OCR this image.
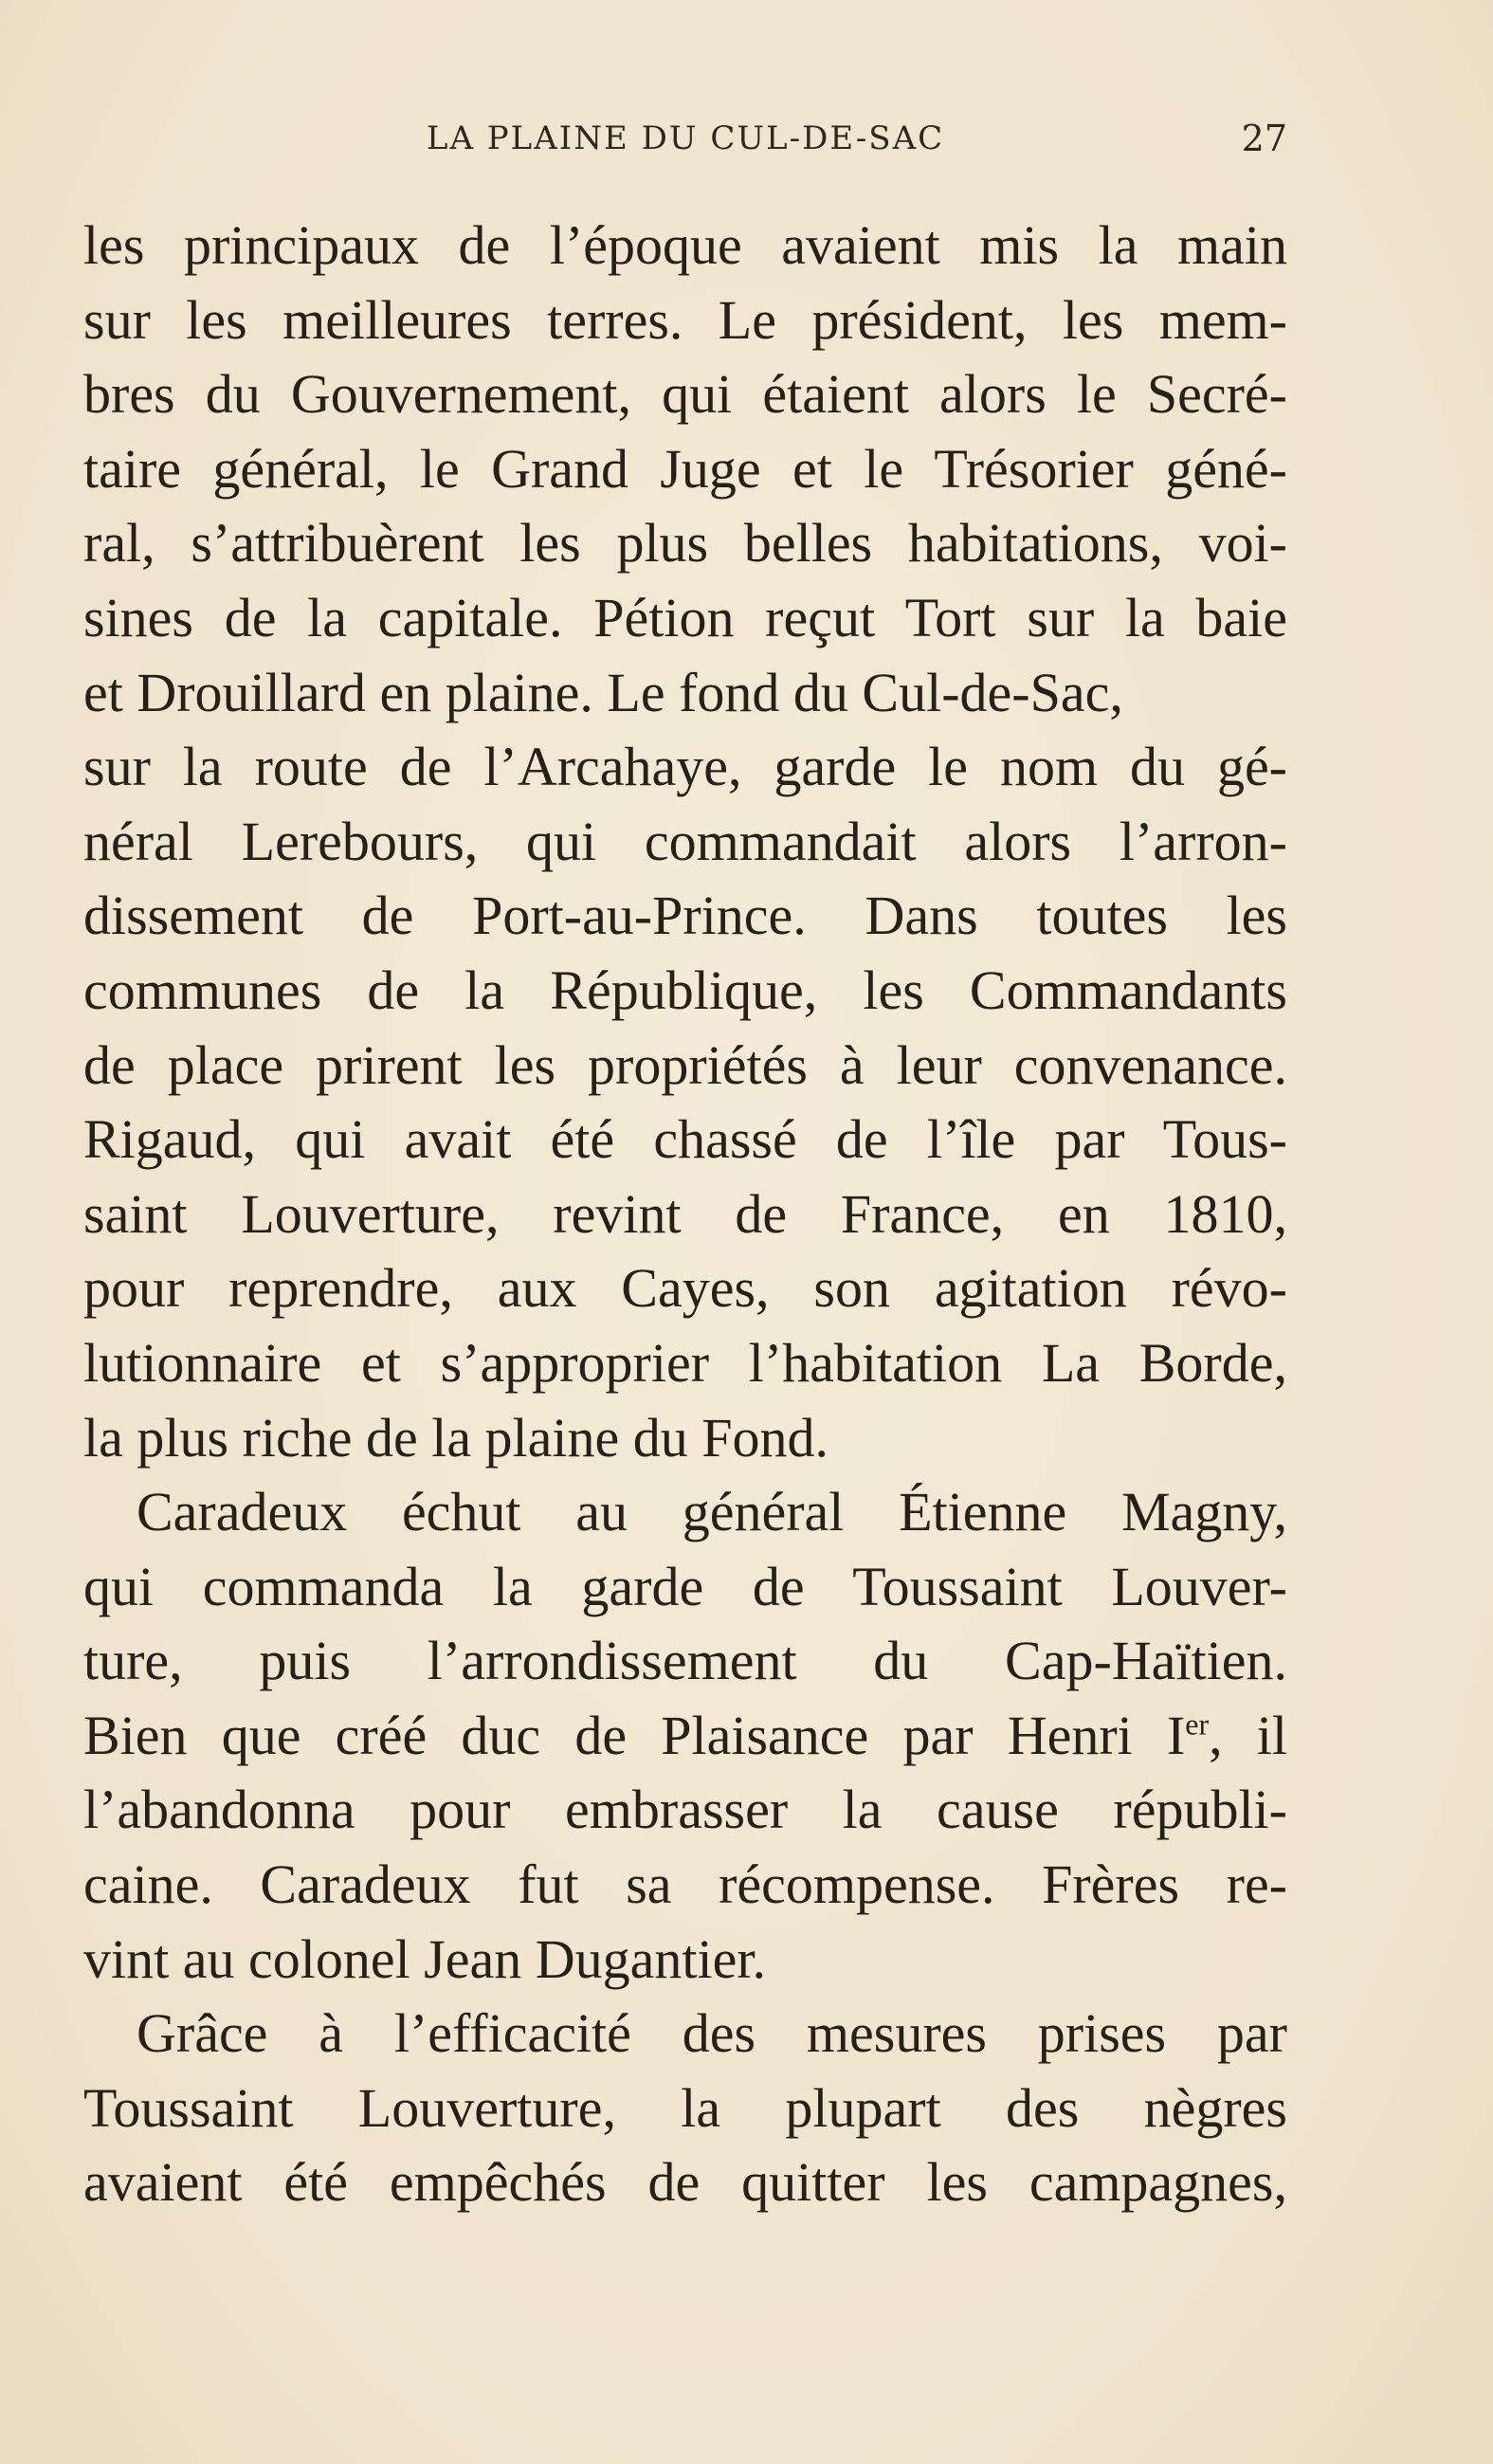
LA PLAINE DU CUL-DE-SAC	27

les principaux de l’époque avaient mis la main

sur les meilleures terres. Le président, les mem-

bres du Gouvernement, qui étaient alors le Secré-

taire général, le Grand Juge et le Trésorier géné-

ral, s’attribuèrent les plus belles habitations, voi-

sines de la capitale. Pétion reçut Tort sur la baie

et Drouillard en plaine. Le fond du Cul-de-Sac,

sur la route de l’Arcahaye, garde le nom du gé-

néral Lerebours, qui commandait alors l’arron-

dissement de Port-au-Prince. Dans toutes les

communes de la République, les Commandants

de place prirent les propriétés à leur convenance.

Rigaud, qui avait été chassé de l’île par Tous-

saint Louverture, revint de France, en 1810,

pour reprendre, aux Cayes, son agitation révo-

lutionnaire et s’approprier l’habitation La Borde,

la plus riche de la plaine du Fond.

Caradeux échut au général Étienne Magny,

qui commanda la garde de Toussaint Louver-

ture, puis l’arrondissement du Cap-Haïtien.

Bien que créé duc de Plaisance par Henri Ier, il

l’abandonna pour embrasser la cause républi-

caine. Caradeux fut sa récompense. Frères re-

vint au colonel Jean Dugantier.

Grâce à l’efficacité des mesures prises par

Toussaint Louverture, la plupart des nègres

avaient été empêchés de quitter les campagnes,
